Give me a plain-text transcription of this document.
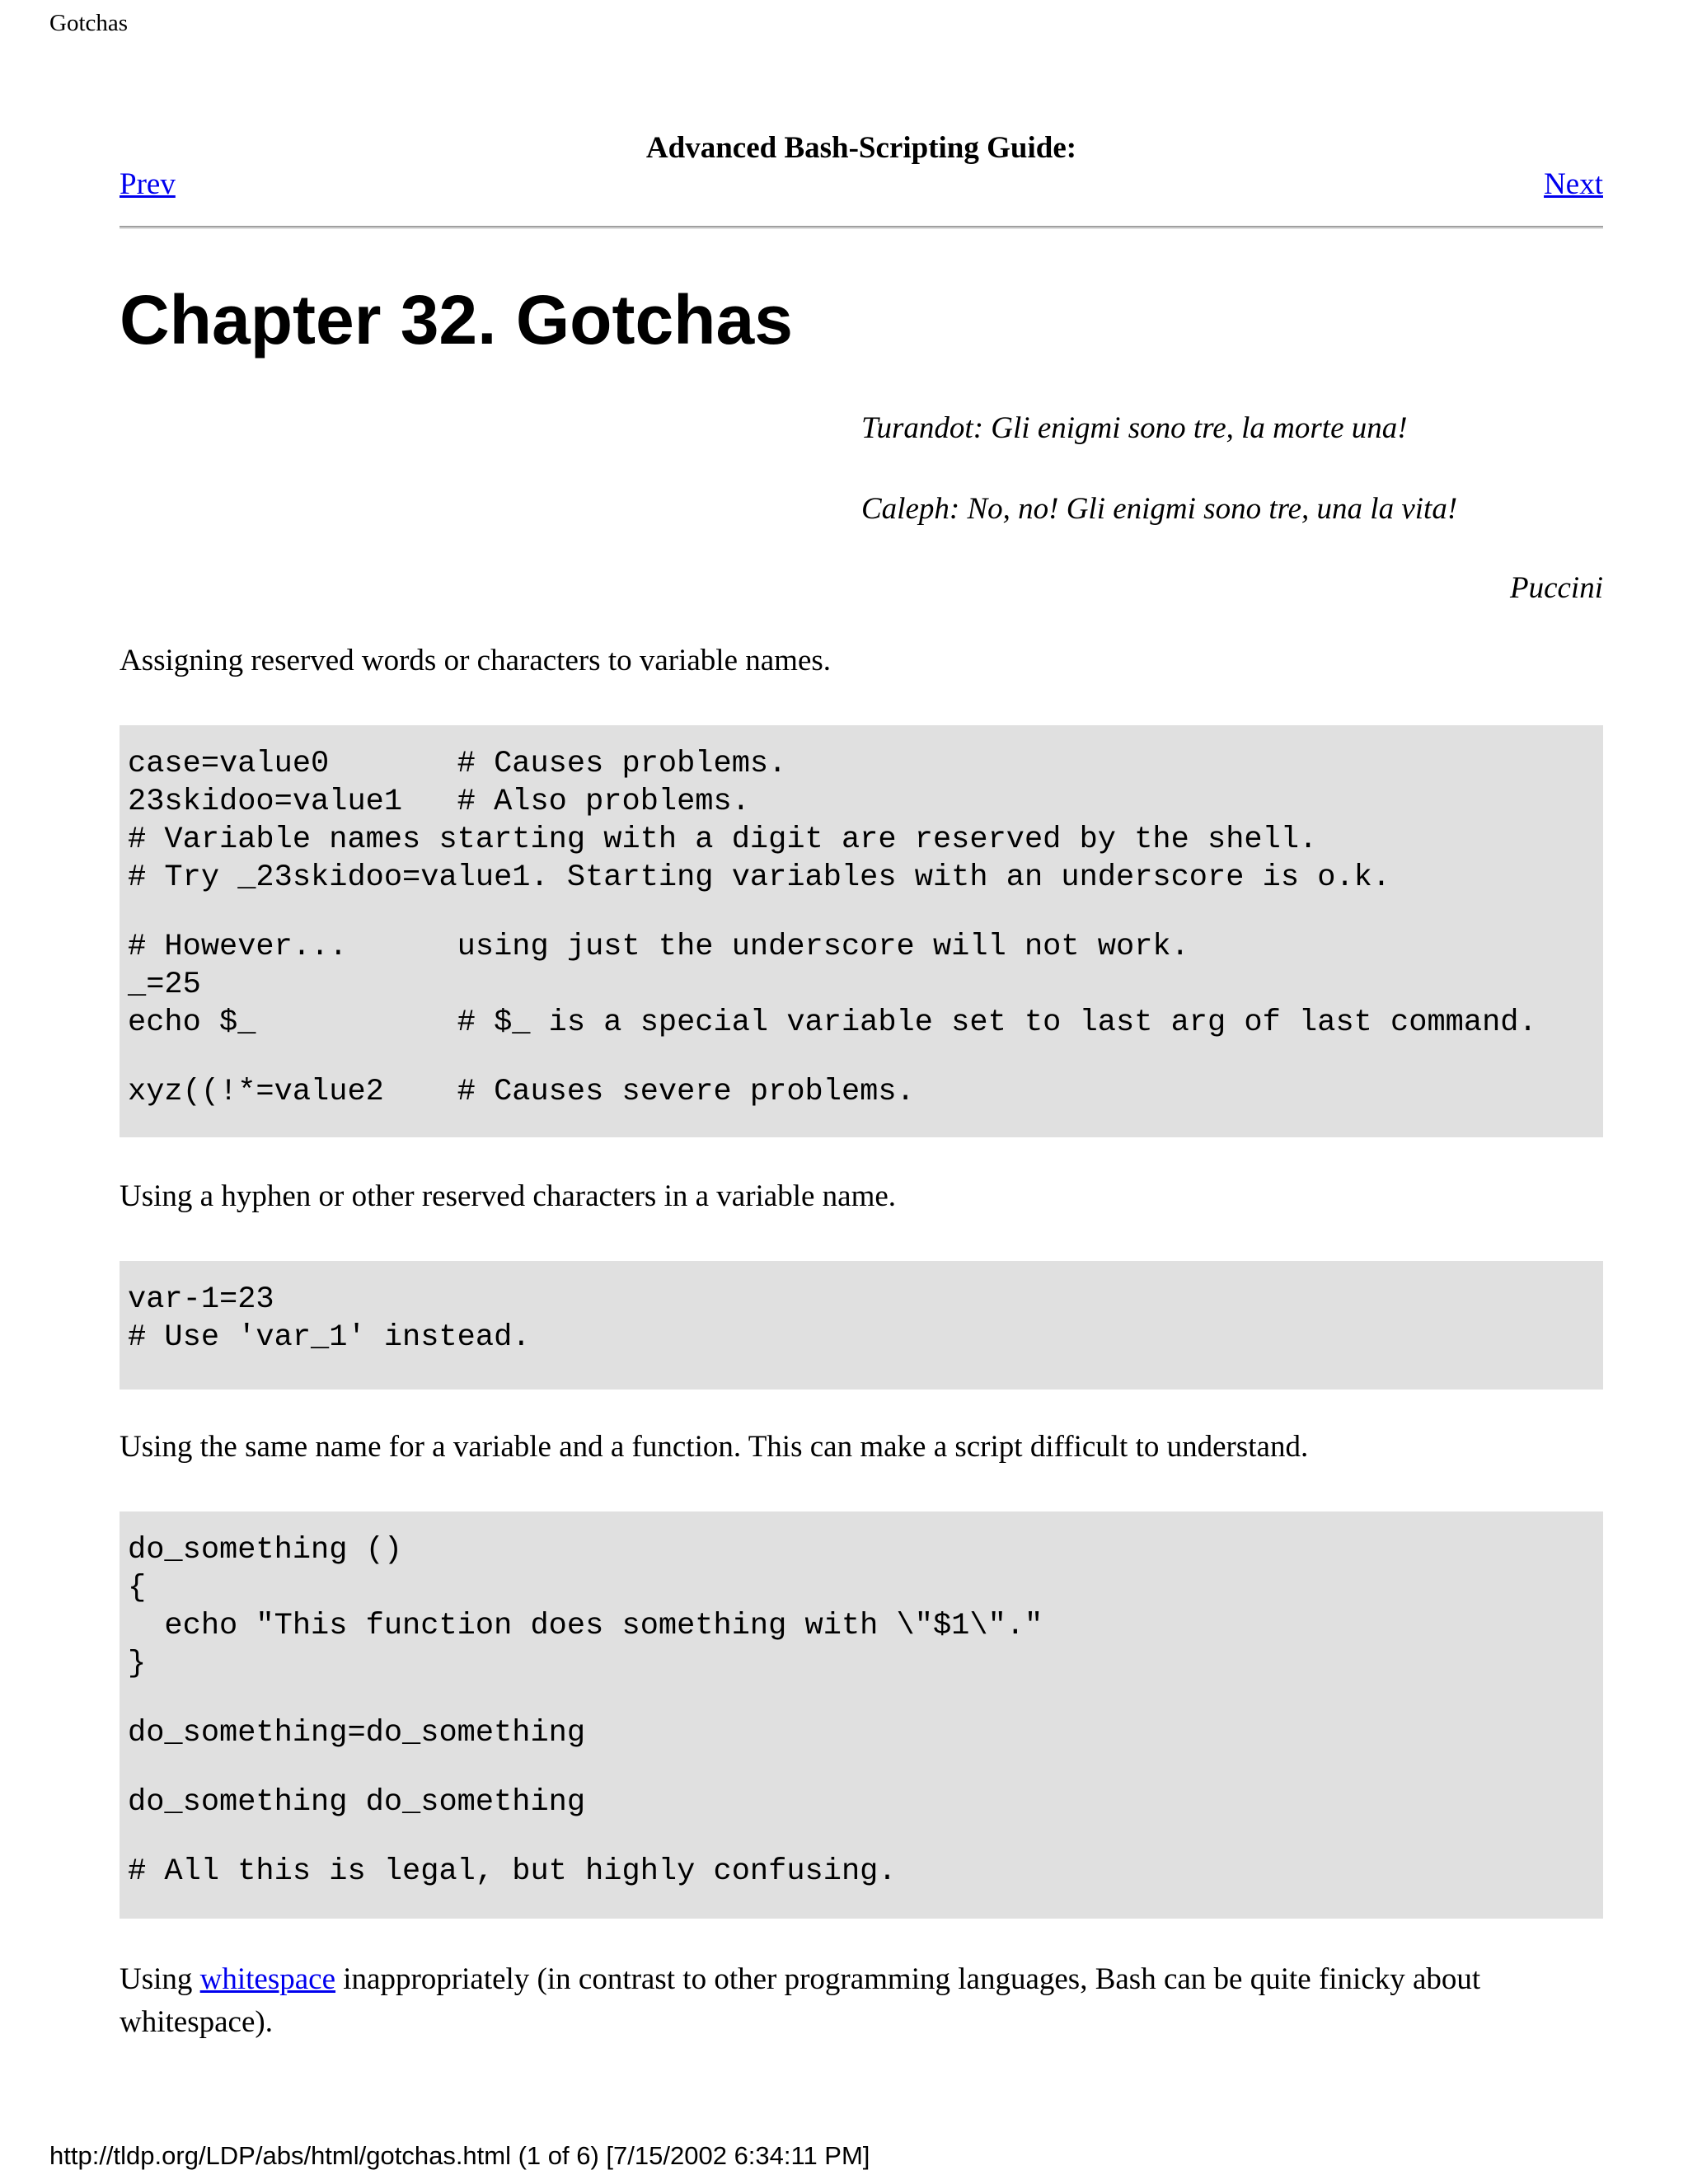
Gotchas
Advanced Bash-Scripting Guide:
Prev	Next
Chapter 32. Gotchas
Turandot: Gli enigmi sono tre, la morte una!
Caleph: No, no! Gli enigmi sono tre, una la vita!
Puccini

Assigning reserved words or characters to variable names.

case=value0       # Causes problems.
23skidoo=value1   # Also problems.
# Variable names starting with a digit are reserved by the shell.
# Try _23skidoo=value1. Starting variables with an underscore is o.k.
# However...      using just the underscore will not work.
_=25
echo $_           # $_ is a special variable set to last arg of last command.
xyz((!*=value2    # Causes severe problems.

Using a hyphen or other reserved characters in a variable name.

var-1=23
# Use 'var_1' instead.

Using the same name for a variable and a function. This can make a script difficult to understand.

do_something ()
{
echo "This function does something with \"$1\"."
}
do_something=do_something
do_something do_something
# All this is legal, but highly confusing.

Using whitespace inappropriately (in contrast to other programming languages, Bash can be quite finicky about whitespace).

http://tldp.org/LDP/abs/html/gotchas.html (1 of 6) [7/15/2002 6:34:11 PM]
